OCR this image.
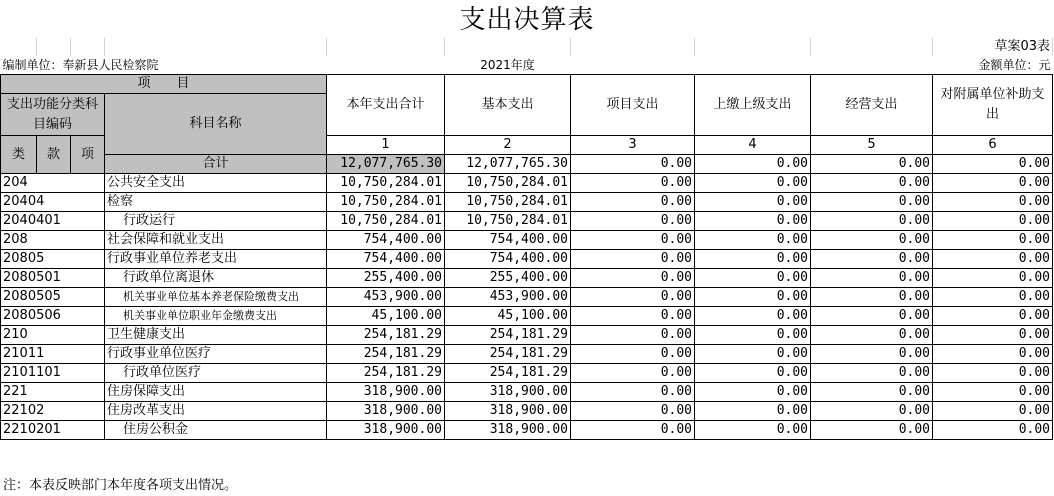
支出决算表
									草案03表
编制单位：奉新县人民检察院					2021年度				金额单位：元
项　　目				本年支出合计	基本支出	项目支出	上缴上级支出	经营支出	对附属单位补助支出
支出功能分类科目编码			科目名称						

类	款	项		1	2	3	4	5	6
			合计	12,077,765.30	12,077,765.30	0.00	0.00	0.00	0.00
204			公共安全支出	10,750,284.01	10,750,284.01	0.00	0.00	0.00	0.00
20404			检察	10,750,284.01	10,750,284.01	0.00	0.00	0.00	0.00
2040401			行政运行	10,750,284.01	10,750,284.01	0.00	0.00	0.00	0.00
208			社会保障和就业支出	754,400.00	754,400.00	0.00	0.00	0.00	0.00
20805			行政事业单位养老支出	754,400.00	754,400.00	0.00	0.00	0.00	0.00
2080501			行政单位离退休	255,400.00	255,400.00	0.00	0.00	0.00	0.00
2080505			机关事业单位基本养老保险缴费支出	453,900.00	453,900.00	0.00	0.00	0.00	0.00
2080506			机关事业单位职业年金缴费支出	45,100.00	45,100.00	0.00	0.00	0.00	0.00
210			卫生健康支出	254,181.29	254,181.29	0.00	0.00	0.00	0.00
21011			行政事业单位医疗	254,181.29	254,181.29	0.00	0.00	0.00	0.00
2101101			行政单位医疗	254,181.29	254,181.29	0.00	0.00	0.00	0.00
221			住房保障支出	318,900.00	318,900.00	0.00	0.00	0.00	0.00
22102			住房改革支出	318,900.00	318,900.00	0.00	0.00	0.00	0.00
2210201			住房公积金	318,900.00	318,900.00	0.00	0.00	0.00	0.00
注：本表反映部门本年度各项支出情况。
